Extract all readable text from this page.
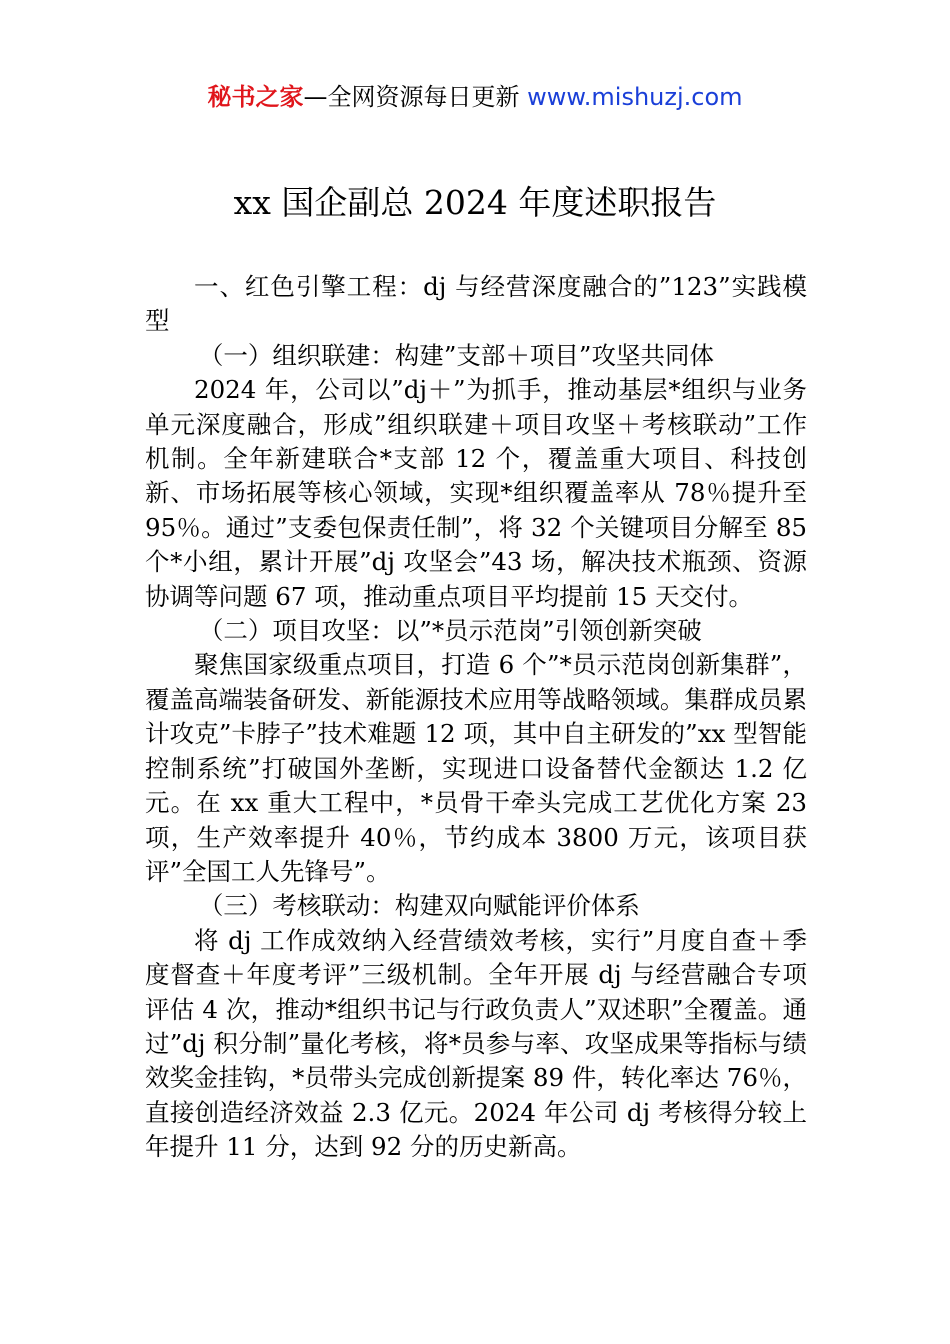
秘书之家—全网资源每日更新 www.mishuzj.com
xx 国企副总 2024 年度述职报告

一、红色引擎工程：dj 与经营深度融合的”123”实践模型

（一）组织联建：构建”支部＋项目”攻坚共同体

2024 年，公司以”dj＋”为抓手，推动基层*组织与业务单元深度融合，形成”组织联建＋项目攻坚＋考核联动”工作机制。全年新建联合*支部 12 个，覆盖重大项目、科技创新、市场拓展等核心领域，实现*组织覆盖率从 78％提升至 95％。通过”支委包保责任制”，将 32 个关键项目分解至 85 个*小组，累计开展”dj 攻坚会”43 场，解决技术瓶颈、资源协调等问题 67 项，推动重点项目平均提前 15 天交付。

（二）项目攻坚：以”*员示范岗”引领创新突破

聚焦国家级重点项目，打造 6 个”*员示范岗创新集群”，覆盖高端装备研发、新能源技术应用等战略领域。集群成员累计攻克”卡脖子”技术难题 12 项，其中自主研发的”xx 型智能控制系统”打破国外垄断，实现进口设备替代金额达 1.2 亿元。在 xx 重大工程中，*员骨干牵头完成工艺优化方案 23 项，生产效率提升 40％，节约成本 3800 万元，该项目获评”全国工人先锋号”。

（三）考核联动：构建双向赋能评价体系

将 dj 工作成效纳入经营绩效考核，实行”月度自查＋季度督查＋年度考评”三级机制。全年开展 dj 与经营融合专项评估 4 次，推动*组织书记与行政负责人”双述职”全覆盖。通过”dj 积分制”量化考核，将*员参与率、攻坚成果等指标与绩效奖金挂钩，*员带头完成创新提案 89 件，转化率达 76％，直接创造经济效益 2.3 亿元。2024 年公司 dj 考核得分较上年提升 11 分，达到 92 分的历史新高。
